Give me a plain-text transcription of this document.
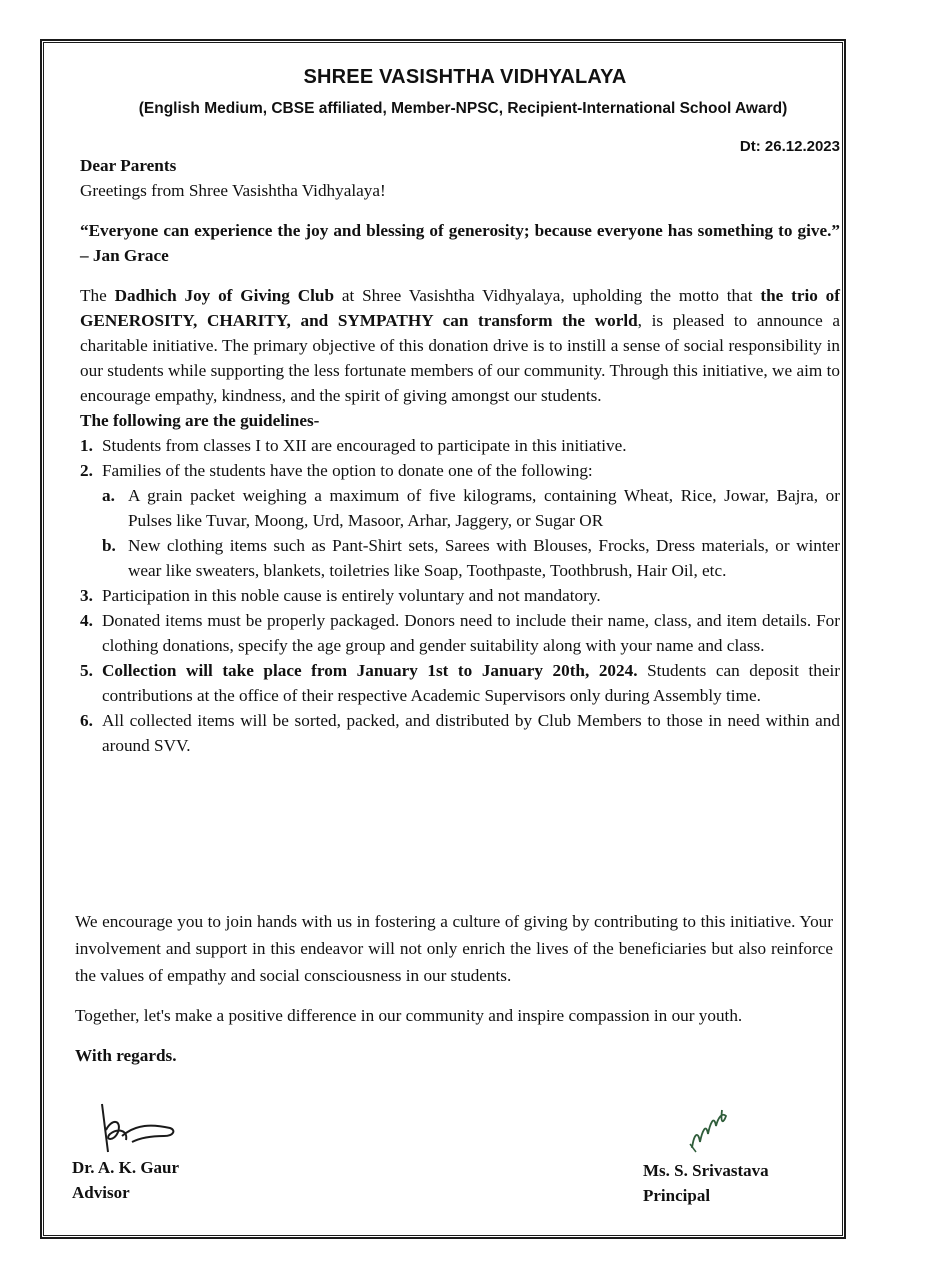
SHREE VASISHTHA VIDHYALAYA
(English Medium, CBSE affiliated, Member-NPSC, Recipient-International School Award)
Dt: 26.12.2023

Dear Parents

Greetings from Shree Vasishtha Vidhyalaya!

“Everyone can experience the joy and blessing of generosity; because everyone has something to give.” – Jan Grace

The Dadhich Joy of Giving Club at Shree Vasishtha Vidhyalaya, upholding the motto that the trio of GENEROSITY, CHARITY, and SYMPATHY can transform the world, is pleased to announce a charitable initiative. The primary objective of this donation drive is to instill a sense of social responsibility in our students while supporting the less fortunate members of our community. Through this initiative, we aim to encourage empathy, kindness, and the spirit of giving amongst our students.

The following are the guidelines-

1. Students from classes I to XII are encouraged to participate in this initiative.
2. Families of the students have the option to donate one of the following:
a. A grain packet weighing a maximum of five kilograms, containing Wheat, Rice, Jowar, Bajra, or Pulses like Tuvar, Moong, Urd, Masoor, Arhar, Jaggery, or Sugar OR
b. New clothing items such as Pant-Shirt sets, Sarees with Blouses, Frocks, Dress materials, or winter wear like sweaters, blankets, toiletries like Soap, Toothpaste, Toothbrush, Hair Oil, etc.
3. Participation in this noble cause is entirely voluntary and not mandatory.
4. Donated items must be properly packaged. Donors need to include their name, class, and item details. For clothing donations, specify the age group and gender suitability along with your name and class.
5. Collection will take place from January 1st to January 20th, 2024. Students can deposit their contributions at the office of their respective Academic Supervisors only during Assembly time.
6. All collected items will be sorted, packed, and distributed by Club Members to those in need within and around SVV.

We encourage you to join hands with us in fostering a culture of giving by contributing to this initiative. Your involvement and support in this endeavor will not only enrich the lives of the beneficiaries but also reinforce the values of empathy and social consciousness in our students.

Together, let's make a positive difference in our community and inspire compassion in our youth.

With regards.

Dr. A. K. Gaur
Advisor
Ms. S. Srivastava
Principal
